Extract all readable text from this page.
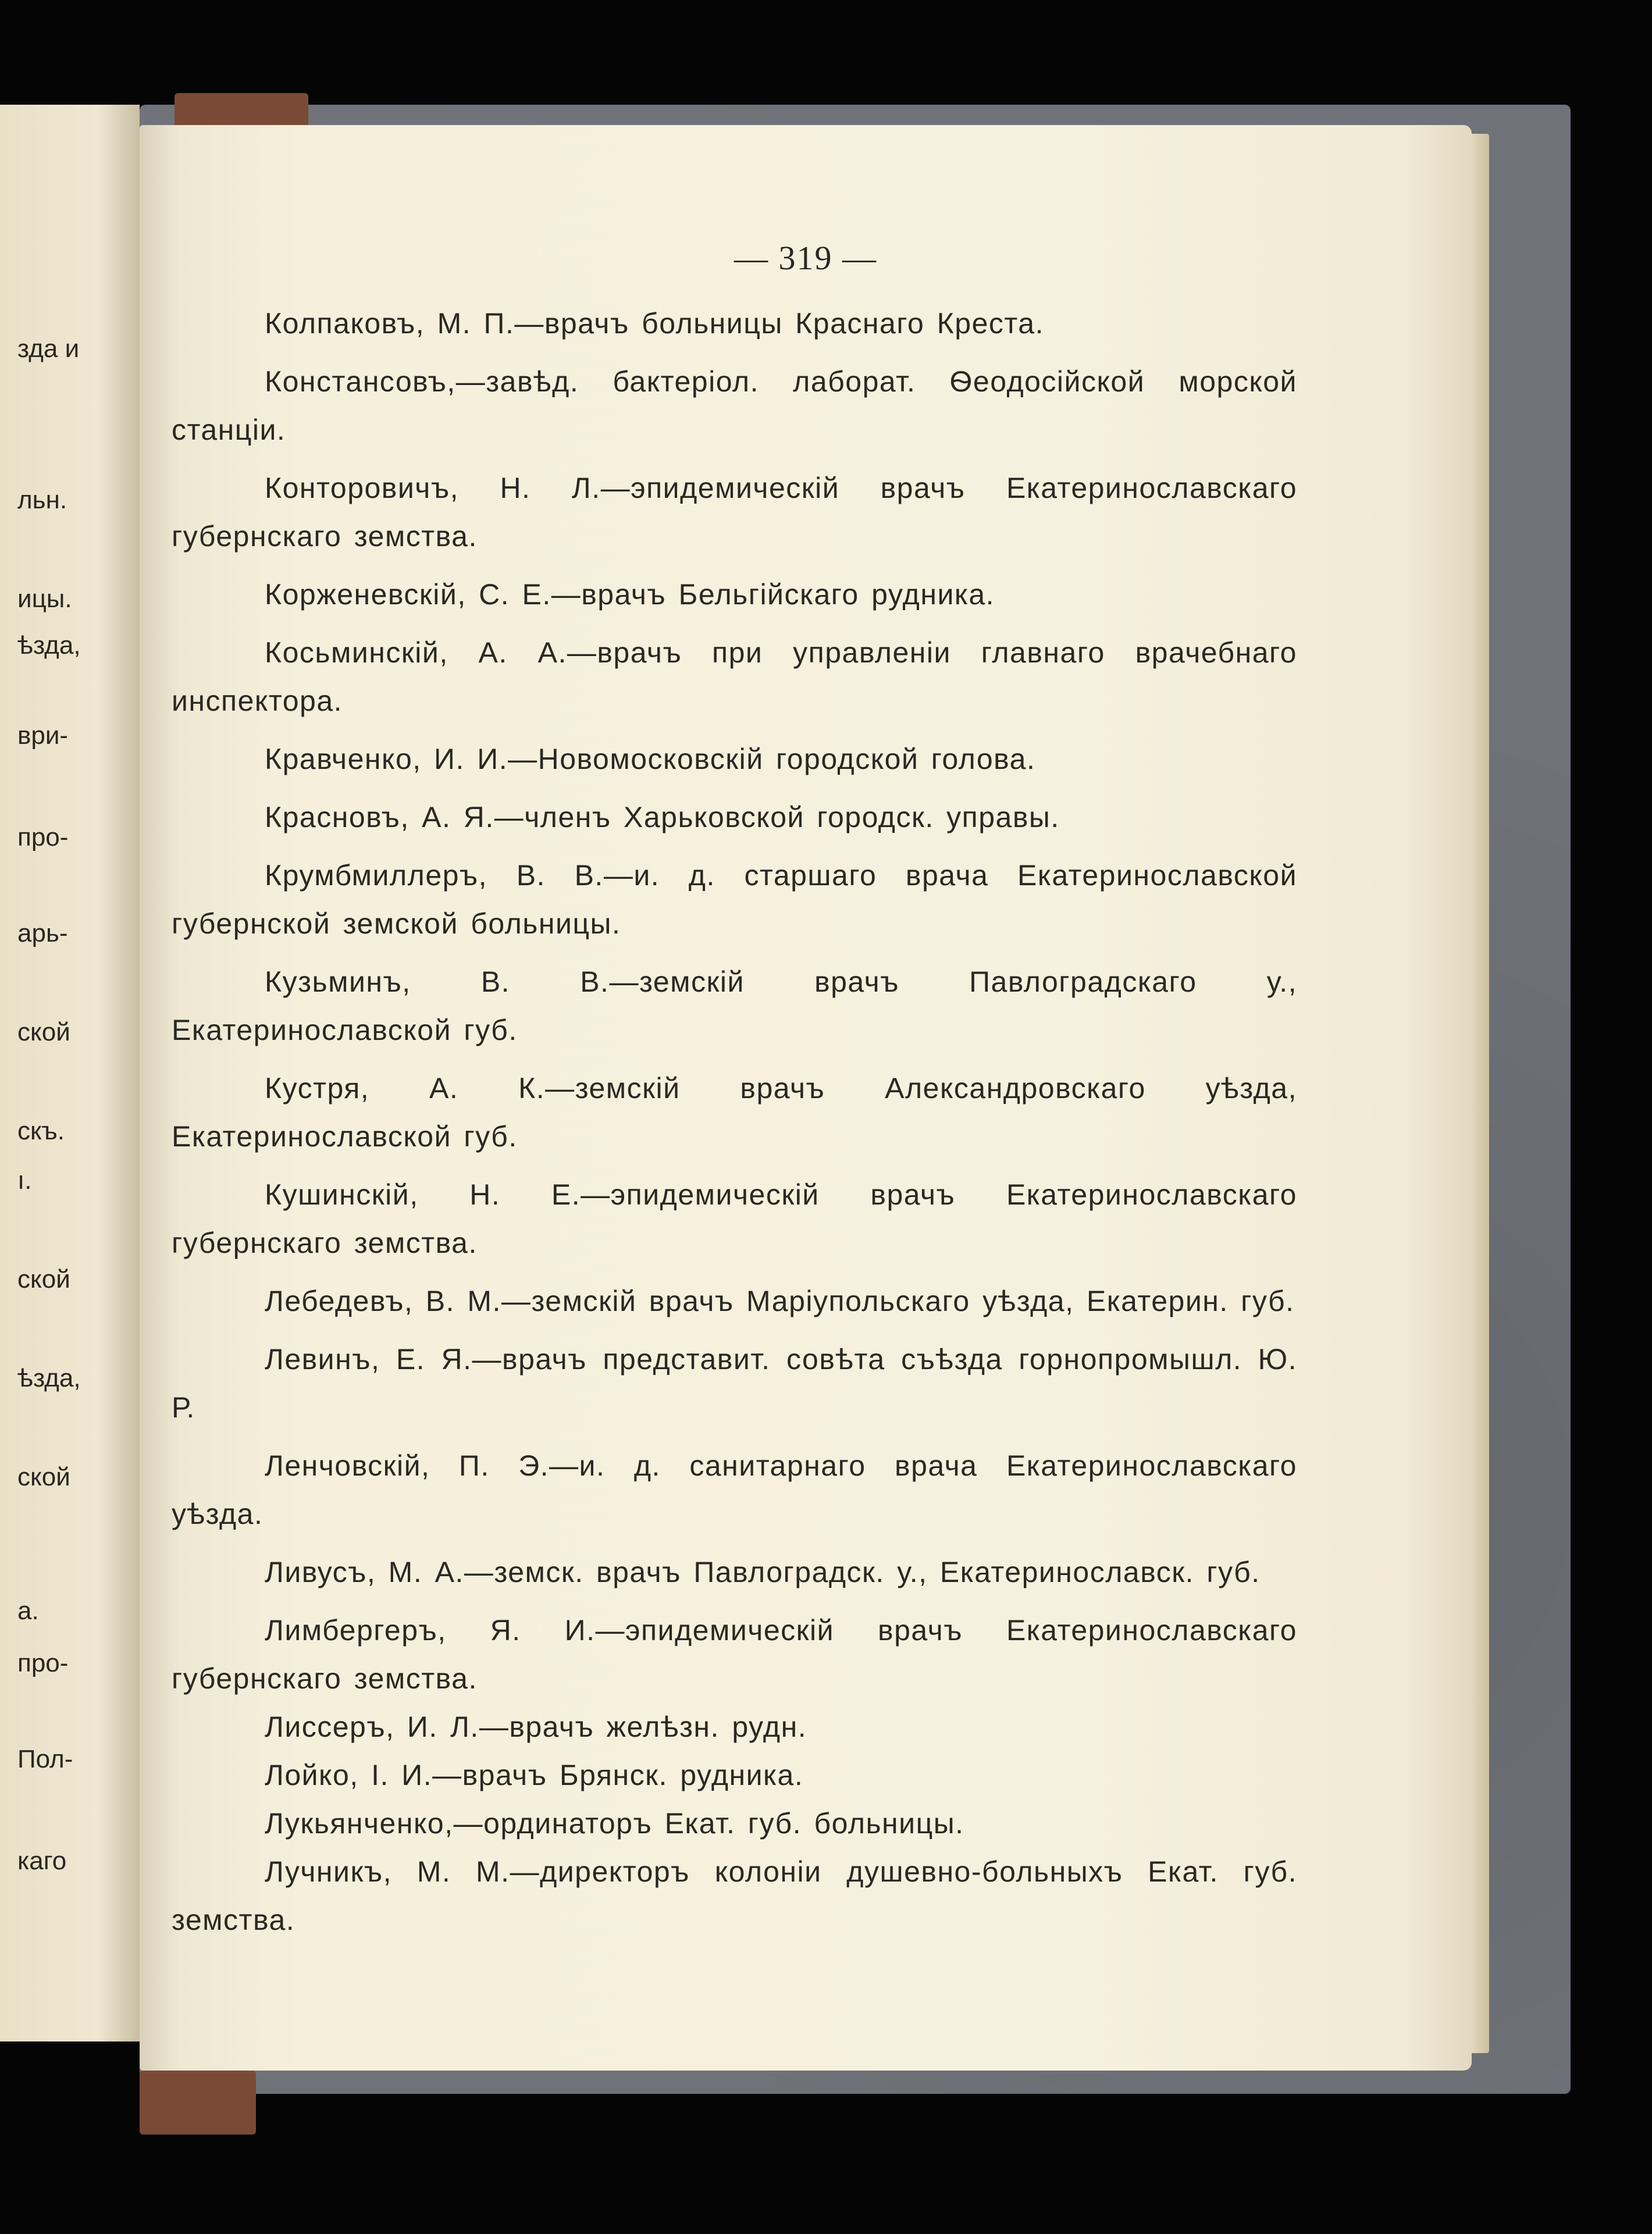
зда и
льн.
ицы.
ѣзда,
ври-
про-
арь-
ской
скъ.
ı.
ской
ѣзда,
ской
а.
про-
Пол-
каго
— 319 —

Колпаковъ, М. П.—врачъ больницы Краснаго Креста.

Констансовъ,—завѣд. бактеріол. лаборат. Ѳеодосійской морской станціи.

Конторовичъ, Н. Л.—эпидемическій врачъ Екатеринославскаго губернскаго земства.

Корженевскій, С. Е.—врачъ Бельгійскаго рудника.

Косьминскій, А. А.—врачъ при управленіи главнаго врачебнаго инспектора.

Кравченко, И. И.—Новомосковскій городской голова.

Красновъ, А. Я.—членъ Харьковской городск. управы.

Крумбмиллеръ, В. В.—и. д. старшаго врача Екатеринославской губернской земской больницы.

Кузьминъ, В. В.—земскій врачъ Павлоградскаго у., Екатеринославской губ.

Кустря, А. К.—земскій врачъ Александровскаго уѣзда, Екатеринославской губ.

Кушинскій, Н. Е.—эпидемическій врачъ Екатеринославскаго губернскаго земства.

Лебедевъ, В. М.—земскій врачъ Маріупольскаго уѣзда, Екатерин. губ.

Левинъ, Е. Я.—врачъ представит. совѣта съѣзда горнопромышл. Ю. Р.

Ленчовскій, П. Э.—и. д. санитарнаго врача Екатеринославскаго уѣзда.

Ливусъ, М. А.—земск. врачъ Павлоградск. у., Екатеринославск. губ.

Лимбергеръ, Я. И.—эпидемическій врачъ Екатеринославскаго губернскаго земства.

Лиссеръ, И. Л.—врачъ желѣзн. рудн.

Лойко, І. И.—врачъ Брянск. рудника.

Лукьянченко,—ординаторъ Екат. губ. больницы.

Лучникъ, М. М.—директоръ колоніи душевно-больныхъ Екат. губ. земства.
